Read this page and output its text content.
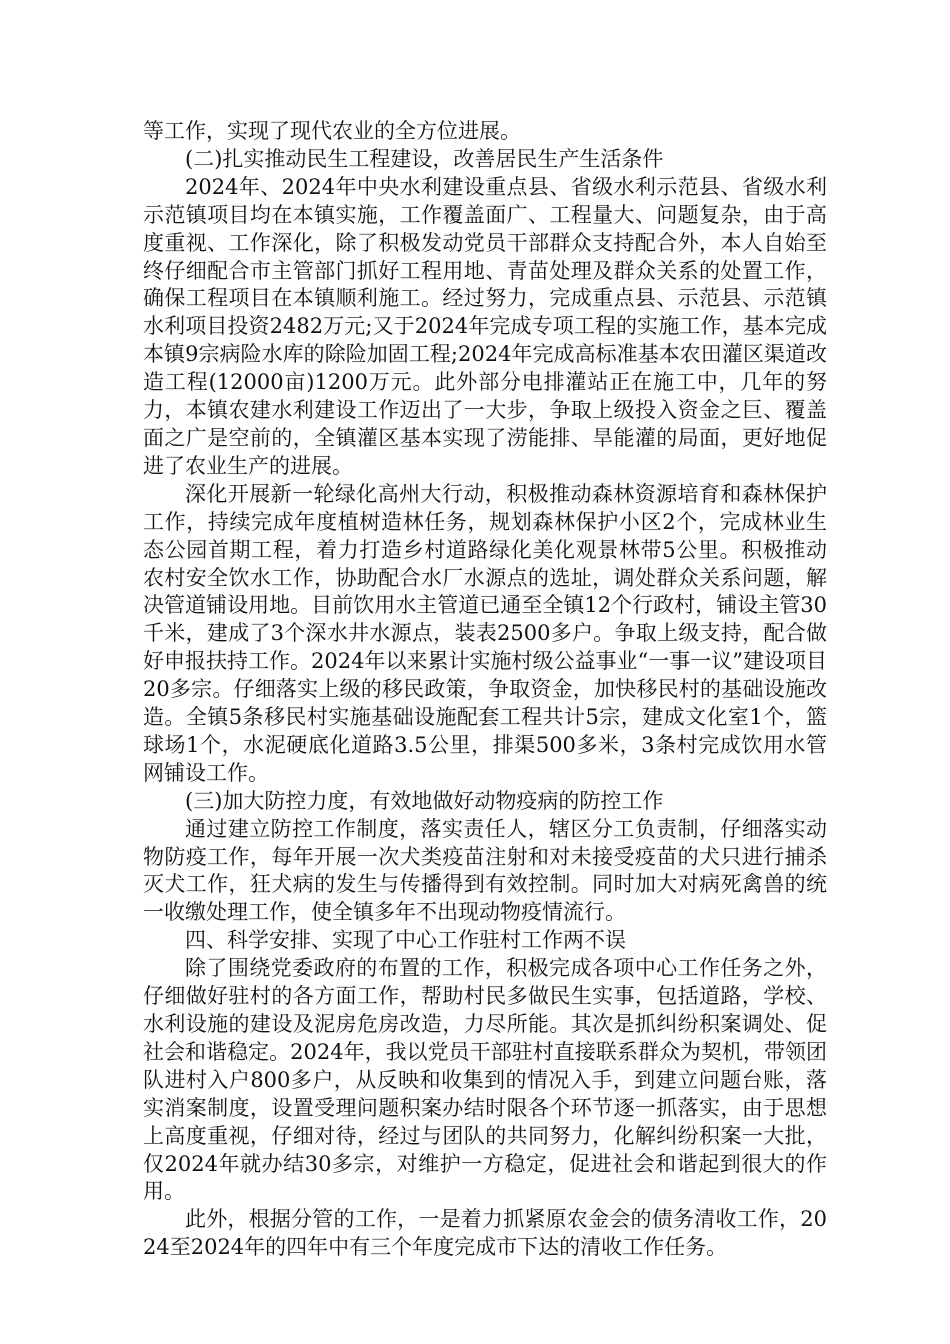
等工作，实现了现代农业的全方位进展。

(二)扎实推动民生工程建设，改善居民生产生活条件

2024年、2024年中央水利建设重点县、省级水利示范县、省级水利示范镇项目均在本镇实施，工作覆盖面广、工程量大、问题复杂，由于高度重视、工作深化，除了积极发动党员干部群众支持配合外，本人自始至终仔细配合市主管部门抓好工程用地、青苗处理及群众关系的处置工作，确保工程项目在本镇顺利施工。经过努力，完成重点县、示范县、示范镇水利项目投资2482万元;又于2024年完成专项工程的实施工作，基本完成本镇9宗病险水库的除险加固工程;2024年完成高标准基本农田灌区渠道改造工程(12000亩)1200万元。此外部分电排灌站正在施工中，几年的努力，本镇农建水利建设工作迈出了一大步，争取上级投入资金之巨、覆盖面之广是空前的，全镇灌区基本实现了涝能排、旱能灌的局面，更好地促进了农业生产的进展。

深化开展新一轮绿化高州大行动，积极推动森林资源培育和森林保护工作，持续完成年度植树造林任务，规划森林保护小区2个，完成林业生态公园首期工程，着力打造乡村道路绿化美化观景林带5公里。积极推动农村安全饮水工作，协助配合水厂水源点的选址，调处群众关系问题，解决管道铺设用地。目前饮用水主管道已通至全镇12个行政村，铺设主管30千米，建成了3个深水井水源点，装表2500多户。争取上级支持，配合做好申报扶持工作。2024年以来累计实施村级公益事业“一事一议”建设项目20多宗。仔细落实上级的移民政策，争取资金，加快移民村的基础设施改造。全镇5条移民村实施基础设施配套工程共计5宗，建成文化室1个，篮球场1个，水泥硬底化道路3.5公里，排渠500多米，3条村完成饮用水管网铺设工作。

(三)加大防控力度，有效地做好动物疫病的防控工作

通过建立防控工作制度，落实责任人，辖区分工负责制，仔细落实动物防疫工作，每年开展一次犬类疫苗注射和对未接受疫苗的犬只进行捕杀灭犬工作，狂犬病的发生与传播得到有效控制。同时加大对病死禽兽的统一收缴处理工作，使全镇多年不出现动物疫情流行。

四、科学安排、实现了中心工作驻村工作两不误

除了围绕党委政府的布置的工作，积极完成各项中心工作任务之外，仔细做好驻村的各方面工作，帮助村民多做民生实事，包括道路，学校、水利设施的建设及泥房危房改造，力尽所能。其次是抓纠纷积案调处、促社会和谐稳定。2024年，我以党员干部驻村直接联系群众为契机，带领团队进村入户800多户，从反映和收集到的情况入手，到建立问题台账，落实消案制度，设置受理问题积案办结时限各个环节逐一抓落实，由于思想上高度重视，仔细对待，经过与团队的共同努力，化解纠纷积案一大批，仅2024年就办结30多宗，对维护一方稳定，促进社会和谐起到很大的作用。

此外，根据分管的工作，一是着力抓紧原农金会的债务清收工作，2024至2024年的四年中有三个年度完成市下达的清收工作任务。
